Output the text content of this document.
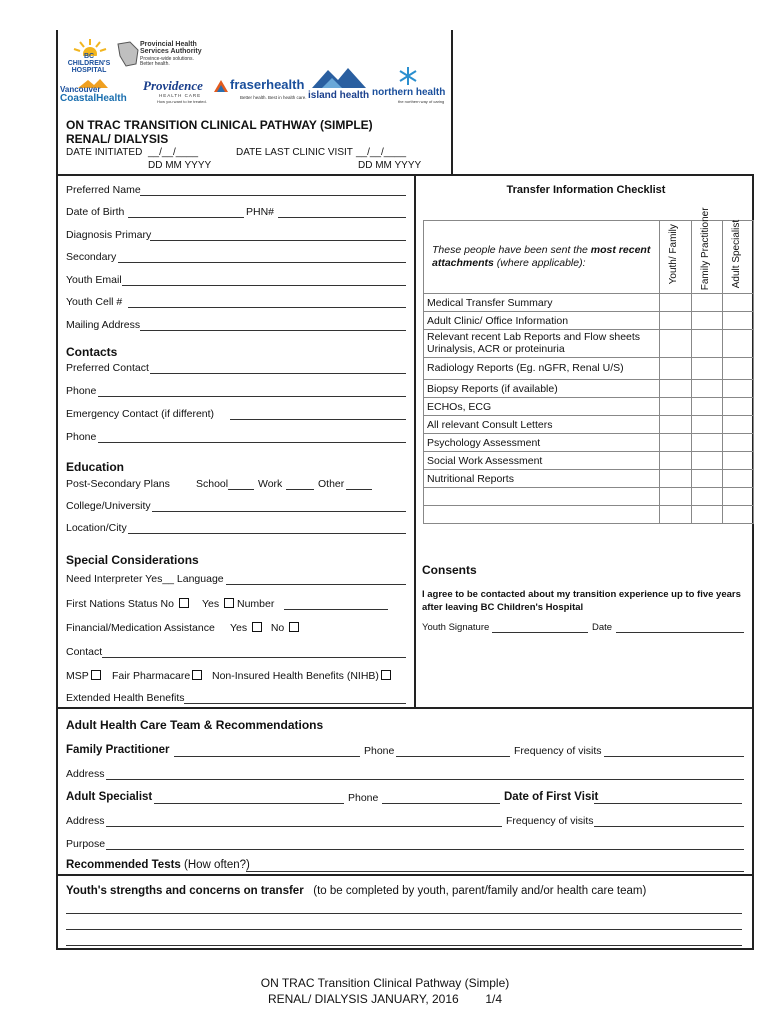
BC
CHILDREN'S
HOSPITAL
Provincial Health
Services Authority
Province-wide solutions.
Better health.
Vancouver
CoastalHealth
Providence
HEALTH CARE
How you want to be treated.
fraserhealth
Better health. Best in health care. island health northern health
the northern way of caring
ON TRAC TRANSITION CLINICAL PATHWAY (SIMPLE)
RENAL/ DIALYSIS
DATE INITIATED __/__/____
DD MM YYYY
DATE LAST CLINIC VISIT __/__/____
DD MM YYYY
Preferred Name
Date of Birth	PHN#
Diagnosis Primary
Secondary
Youth Email
Youth Cell #
Mailing Address
Contacts
Preferred Contact
Phone
Emergency Contact (if different)
Phone
Education
Post-Secondary Plans School	Work	Other
College/University
Location/City
Special Considerations
Need Interpreter Yes__ Language
First Nations Status No	Yes Number
Financial/Medication Assistance Yes No
Contact
MSP	Fair Pharmacare	Non-Insured Health Benefits (NIHB)
Extended Health Benefits
Transfer Information Checklist
These people have been sent the most recent attachments (where applicable):	Youth/ Family	Family Practitioner	Adult Specialist

Medical Transfer Summary			
Adult Clinic/ Office Information			

Relevant recent Lab Reports and Flow sheets
Urinalysis, ACR or proteinuria			

Radiology Reports (Eg. nGFR, Renal U/S)			
Biopsy Reports (if available)			
ECHOs, ECG			
All relevant Consult Letters			
Psychology Assessment			
Social Work Assessment			
Nutritional Reports			

Consents
I agree to be contacted about my transition experience up to five years after leaving BC Children's Hospital
Youth Signature	Date
Adult Health Care Team & Recommendations
Family Practitioner	Phone	Frequency of visits
Address
Adult Specialist	Phone	Date of First Visit
Address	Frequency of visits
Purpose
Recommended Tests (How often?)
Youth's strengths and concerns on transfer (to be completed by youth, parent/family and/or health care team)
ON TRAC Transition Clinical Pathway (Simple)
RENAL/ DIALYSIS JANUARY, 2016 1/4
